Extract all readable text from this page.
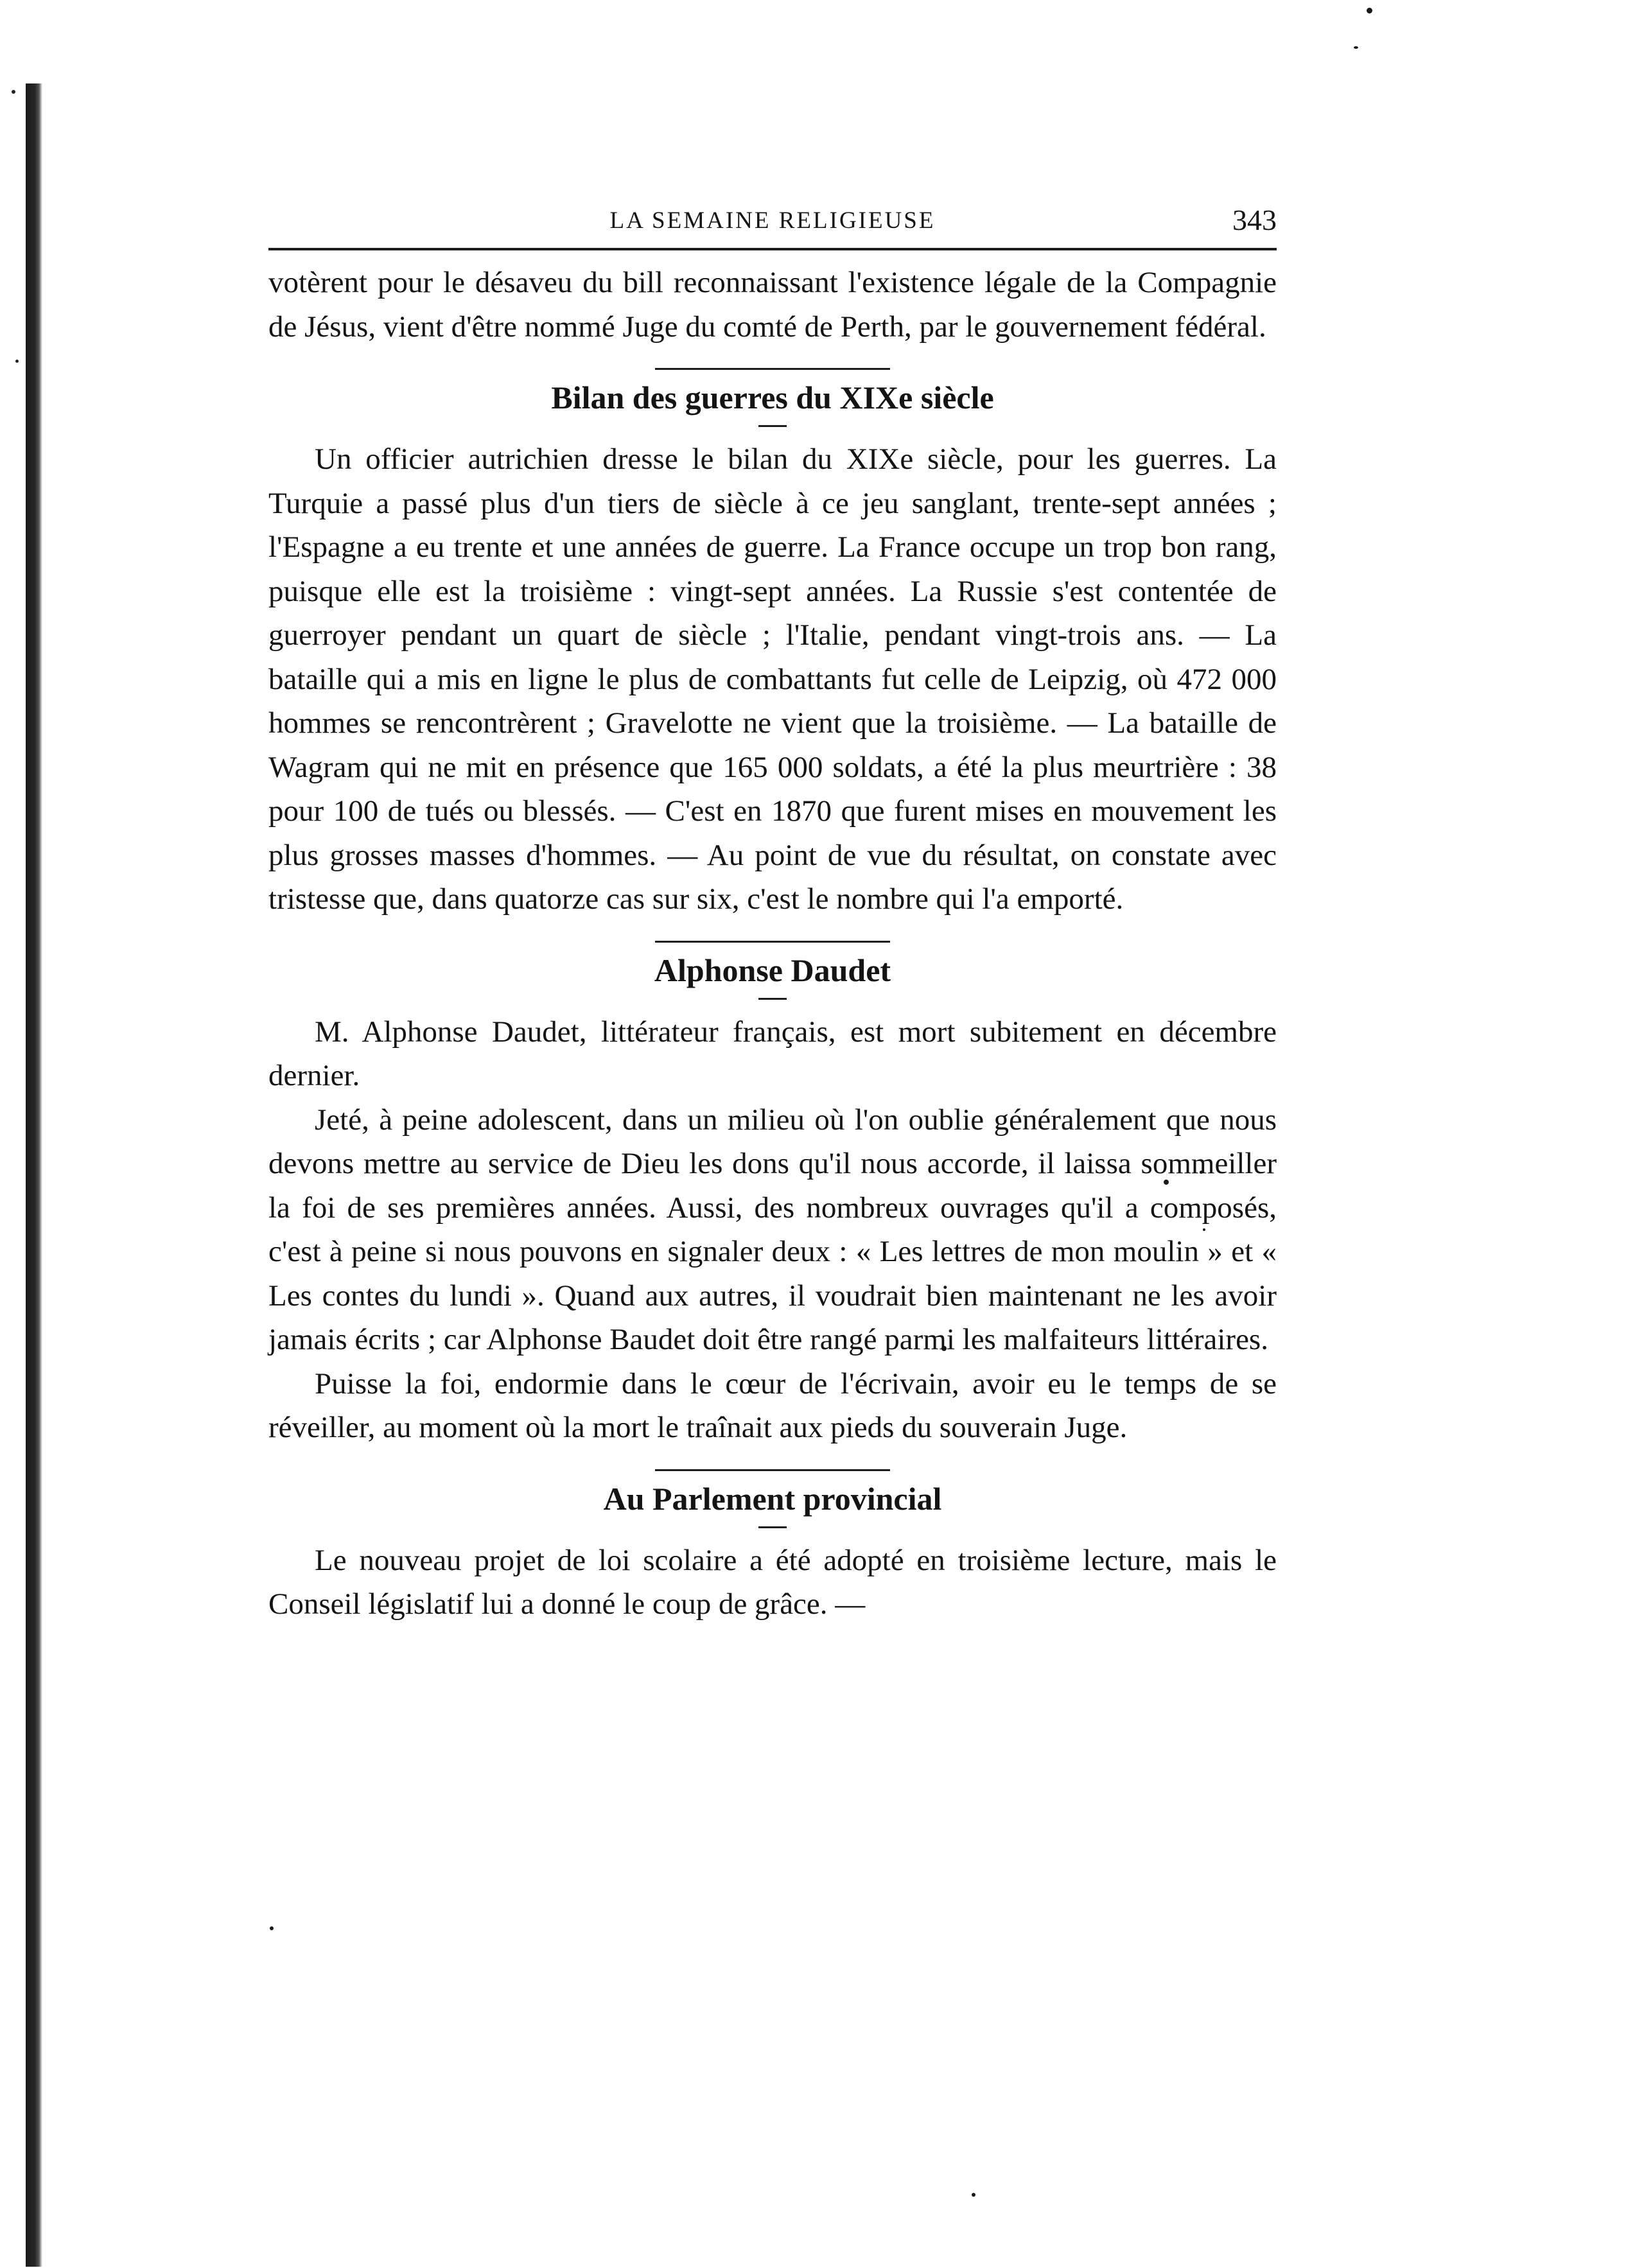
LA SEMAINE RELIGIEUSE	343

votèrent pour le désaveu du bill reconnaissant l'existence légale de la Compagnie de Jésus, vient d'être nommé Juge du comté de Perth, par le gouvernement fédéral.

Bilan des guerres du XIXe siècle

Un officier autrichien dresse le bilan du XIXe siècle, pour les guerres. La Turquie a passé plus d'un tiers de siècle à ce jeu sanglant, trente-sept années ; l'Espagne a eu trente et une années de guerre. La France occupe un trop bon rang, puisque elle est la troisième : vingt-sept années. La Russie s'est contentée de guerroyer pendant un quart de siècle ; l'Italie, pendant vingt-trois ans. — La bataille qui a mis en ligne le plus de combattants fut celle de Leipzig, où 472 000 hommes se rencontrèrent ; Gravelotte ne vient que la troisième. — La bataille de Wagram qui ne mit en présence que 165 000 soldats, a été la plus meurtrière : 38 pour 100 de tués ou blessés. — C'est en 1870 que furent mises en mouvement les plus grosses masses d'hommes. — Au point de vue du résultat, on constate avec tristesse que, dans quatorze cas sur six, c'est le nombre qui l'a emporté.

Alphonse Daudet

M. Alphonse Daudet, littérateur français, est mort subitement en décembre dernier.

Jeté, à peine adolescent, dans un milieu où l'on oublie généralement que nous devons mettre au service de Dieu les dons qu'il nous accorde, il laissa sommeiller la foi de ses premières années. Aussi, des nombreux ouvrages qu'il a composés, c'est à peine si nous pouvons en signaler deux : « Les lettres de mon moulin » et « Les contes du lundi ». Quand aux autres, il voudrait bien maintenant ne les avoir jamais écrits ; car Alphonse Baudet doit être rangé parmi les malfaiteurs littéraires.

Puisse la foi, endormie dans le cœur de l'écrivain, avoir eu le temps de se réveiller, au moment où la mort le traînait aux pieds du souverain Juge.

Au Parlement provincial

Le nouveau projet de loi scolaire a été adopté en troisième lecture, mais le Conseil législatif lui a donné le coup de grâce. —
